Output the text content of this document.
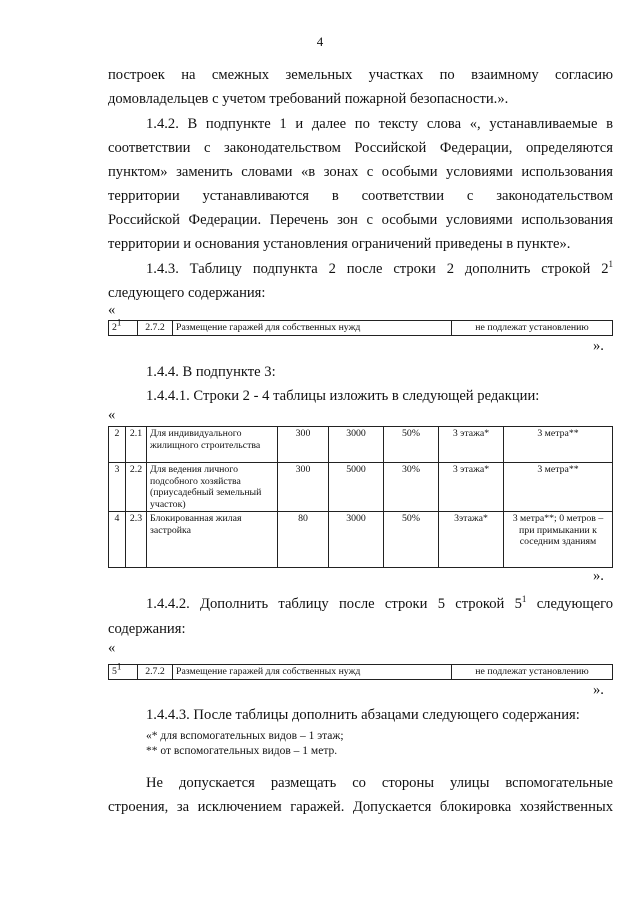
4
построек на смежных земельных участках по взаимному согласию
домовладельцев с учетом требований пожарной безопасности.».
1.4.2. В подпункте 1 и далее по тексту слова «, устанавливаемые в
соответствии с законодательством Российской Федерации, определяются
пунктом» заменить словами «в зонах с особыми условиями использования
территории устанавливаются в соответствии с законодательством
Российской Федерации. Перечень зон с особыми условиями использования
территории и основания установления ограничений приведены в пункте».
1.4.3. Таблицу подпункта 2 после строки 2 дополнить строкой $2^1$
следующего содержания:
«
$2^1$	2.7.2	Размещение гаражей для собственных нужд	не подлежат установлению
».
1.4.4. В подпункте 3:
1.4.4.1. Строки 2 - 4 таблицы изложить в следующей редакции:
«
2	2.1	Для индивидуального жилищного строительства	300	3000	50%	3 этажа*	3 метра**
3	2.2	Для ведения личного подсобного хозяйства (приусадебный земельный участок)	300	5000	30%	3 этажа*	3 метра**
4	2.3	Блокированная жилая застройка	80	3000	50%	3этажа*	3 метра**; 0 метров – при примыкании к соседним зданиям
».
1.4.4.2. Дополнить таблицу после строки 5 строкой $5^1$ следующего
содержания:
«
$5^1$	2.7.2	Размещение гаражей для собственных нужд	не подлежат установлению
».
1.4.4.3. После таблицы дополнить абзацами следующего содержания:
«* для вспомогательных видов – 1 этаж;
** от вспомогательных видов – 1 метр.
Не допускается размещать со стороны улицы вспомогательные
строения, за исключением гаражей. Допускается блокировка хозяйственных
